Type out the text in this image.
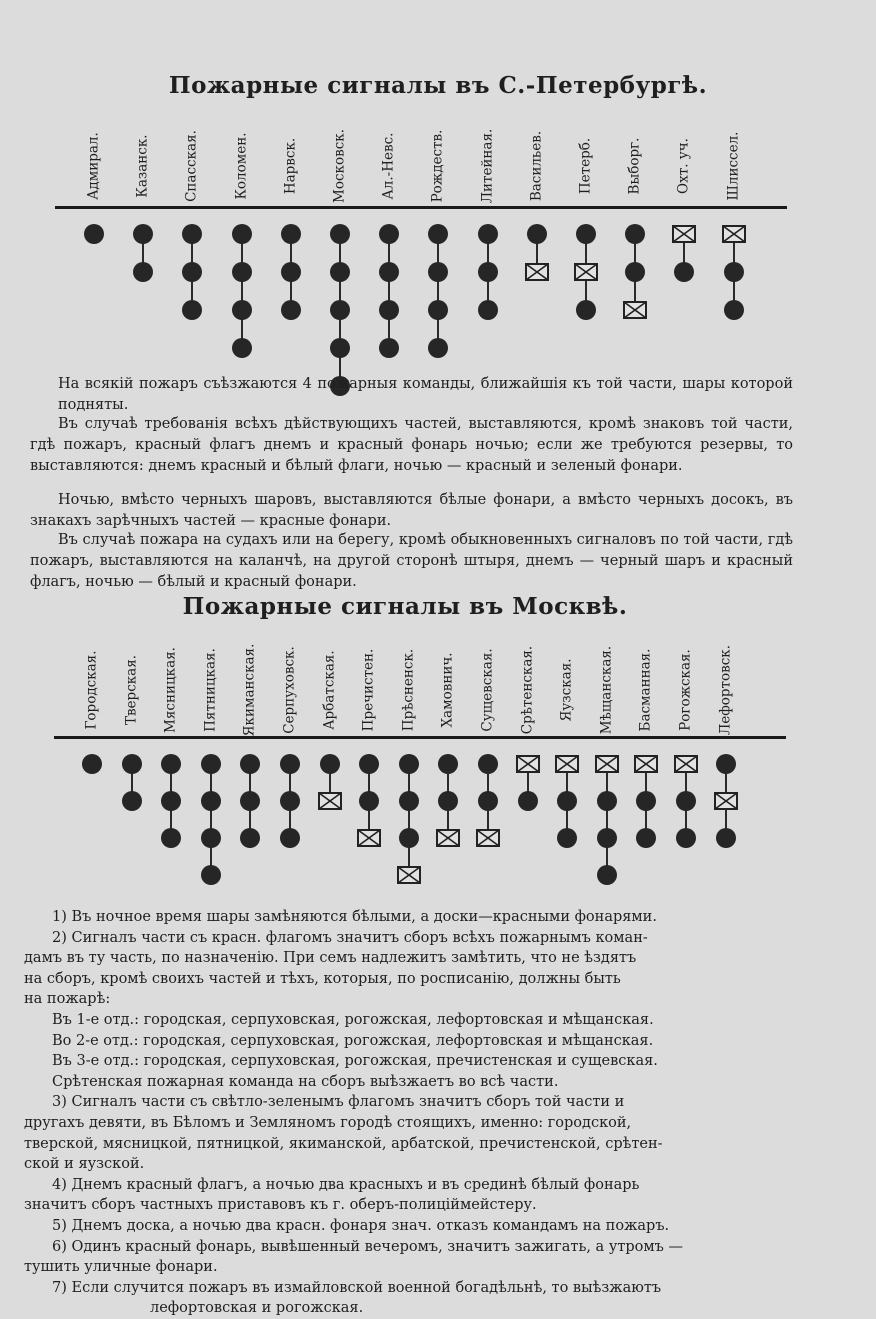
Пожарные сигналы въ С.-Петербургѣ.
Адмирал. Казанск. Спасская. Коломен. Нарвск. Московск. Ал.-Невс. Рождеств. Литейная. Васильев. Петерб. Выборг. Охт. уч. Шлиссел.

На всякій пожаръ съѣзжаются 4 пожарныя команды, ближайшія къ той части, шары которой подняты.

Въ случаѣ требованія всѣхъ дѣйствующихъ частей, выставляются, кромѣ знаковъ той части, гдѣ пожаръ, красный флагъ днемъ и красный фонарь ночью; если же требуются резервы, то выставляются: днемъ красный и бѣлый флаги, ночью — красный и зеленый фонари.

Ночью, вмѣсто черныхъ шаровъ, выставляются бѣлые фонари, а вмѣсто черныхъ досокъ, въ знакахъ зарѣчныхъ частей — красные фонари.

Въ случаѣ пожара на судахъ или на берегу, кромѣ обыкновенныхъ сигналовъ по той части, гдѣ пожаръ, выставляются на каланчѣ, на другой сторонѣ штыря, днемъ — черный шаръ и красный флагъ, ночью — бѣлый и красный фонари.

Пожарные сигналы въ Москвѣ.
Городская. Тверская. Мясницкая. Пятницкая. Якиманская. Серпуховск. Арбатская. Пречистен. Прѣсненск. Хамовнич. Сущевская. Срѣтенская. Яузская. Мѣщанская. Басманная. Рогожская. Лефортовск.

1) Въ ночное время шары замѣняются бѣлыми, а доски—красными фонарями.

2) Сигналъ части съ красн. флагомъ значитъ сборъ всѣхъ пожарнымъ коман-

дамъ въ ту часть, по назначенію. При семъ надлежитъ замѣтить, что не ѣздятъ

на сборъ, кромѣ своихъ частей и тѣхъ, которыя, по росписанію, должны быть

на пожарѣ:

Въ 1-е отд.: городская, серпуховская, рогожская, лефортовская и мѣщанская.

Во 2-е отд.: городская, серпуховская, рогожская, лефортовская и мѣщанская.

Въ 3-е отд.: городская, серпуховская, рогожская, пречистенская и сущевская.

Срѣтенская пожарная команда на сборъ выѣзжаетъ во всѣ части.

3) Сигналъ части съ свѣтло-зеленымъ флагомъ значитъ сборъ той части и

другахъ девяти, въ Бѣломъ и Земляномъ городѣ стоящихъ, именно: городской,

тверской, мясницкой, пятницкой, якиманской, арбатской, пречистенской, срѣтен-

ской и яузской.

4) Днемъ красный флагъ, а ночью два красныхъ и въ срединѣ бѣлый фонарь

значитъ сборъ частныхъ приставовъ къ г. оберъ-полицiймейстеру.

5) Днемъ доска, а ночью два красн. фонаря знач. отказъ командамъ на пожаръ.

6) Одинъ красный фонарь, вывѣшенный вечеромъ, значитъ зажигать, а утромъ —

тушить уличные фонари.

7) Если случится пожаръ въ измайловской военной богадѣльнѣ, то выѣзжаютъ

лефортовская и рогожская.
